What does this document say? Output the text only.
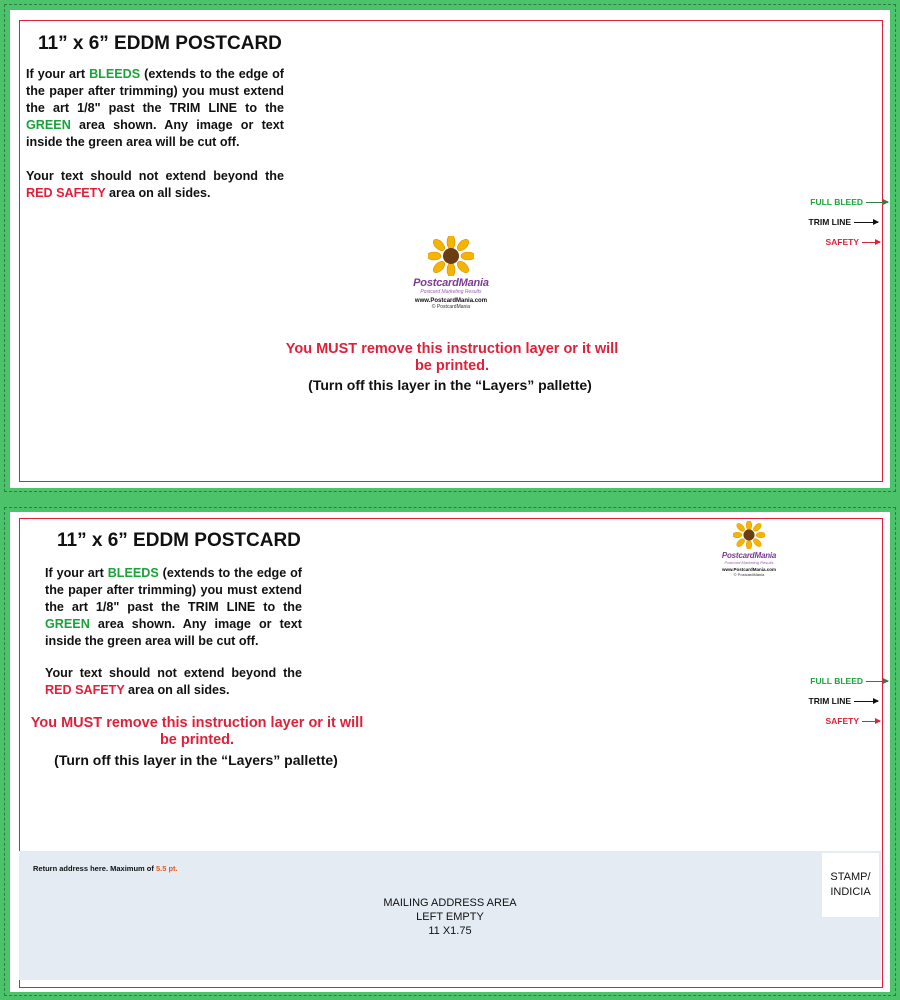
11” x 6” EDDM POSTCARD

If your art BLEEDS (extends to the edge of the paper after trimming) you must extend the art 1/8" past the TRIM LINE to the GREEN area shown. Any image or text inside the green area will be cut off.

Your text should not extend beyond the RED SAFETY area on all sides.

PostcardMania
Postcard Marketing Results
www.PostcardMania.com
© PostcardMania

You MUST remove this instruction layer or it will be printed.

(Turn off this layer in the “Layers” pallette)

FULL BLEED
TRIM LINE
SAFETY

11” x 6” EDDM POSTCARD

If your art BLEEDS (extends to the edge of the paper after trimming) you must extend the art 1/8" past the TRIM LINE to the GREEN area shown. Any image or text inside the green area will be cut off.

Your text should not extend beyond the RED SAFETY area on all sides.

You MUST remove this instruction layer or it will be printed.

(Turn off this layer in the “Layers” pallette)

PostcardMania
Postcard Marketing Results
www.PostcardMania.com
© PostcardMania
FULL BLEED
TRIM LINE
SAFETY
Return address here. Maximum of 5.5 pt.
MAILING ADDRESS AREA
LEFT EMPTY
11 X1.75
STAMP/
INDICIA
